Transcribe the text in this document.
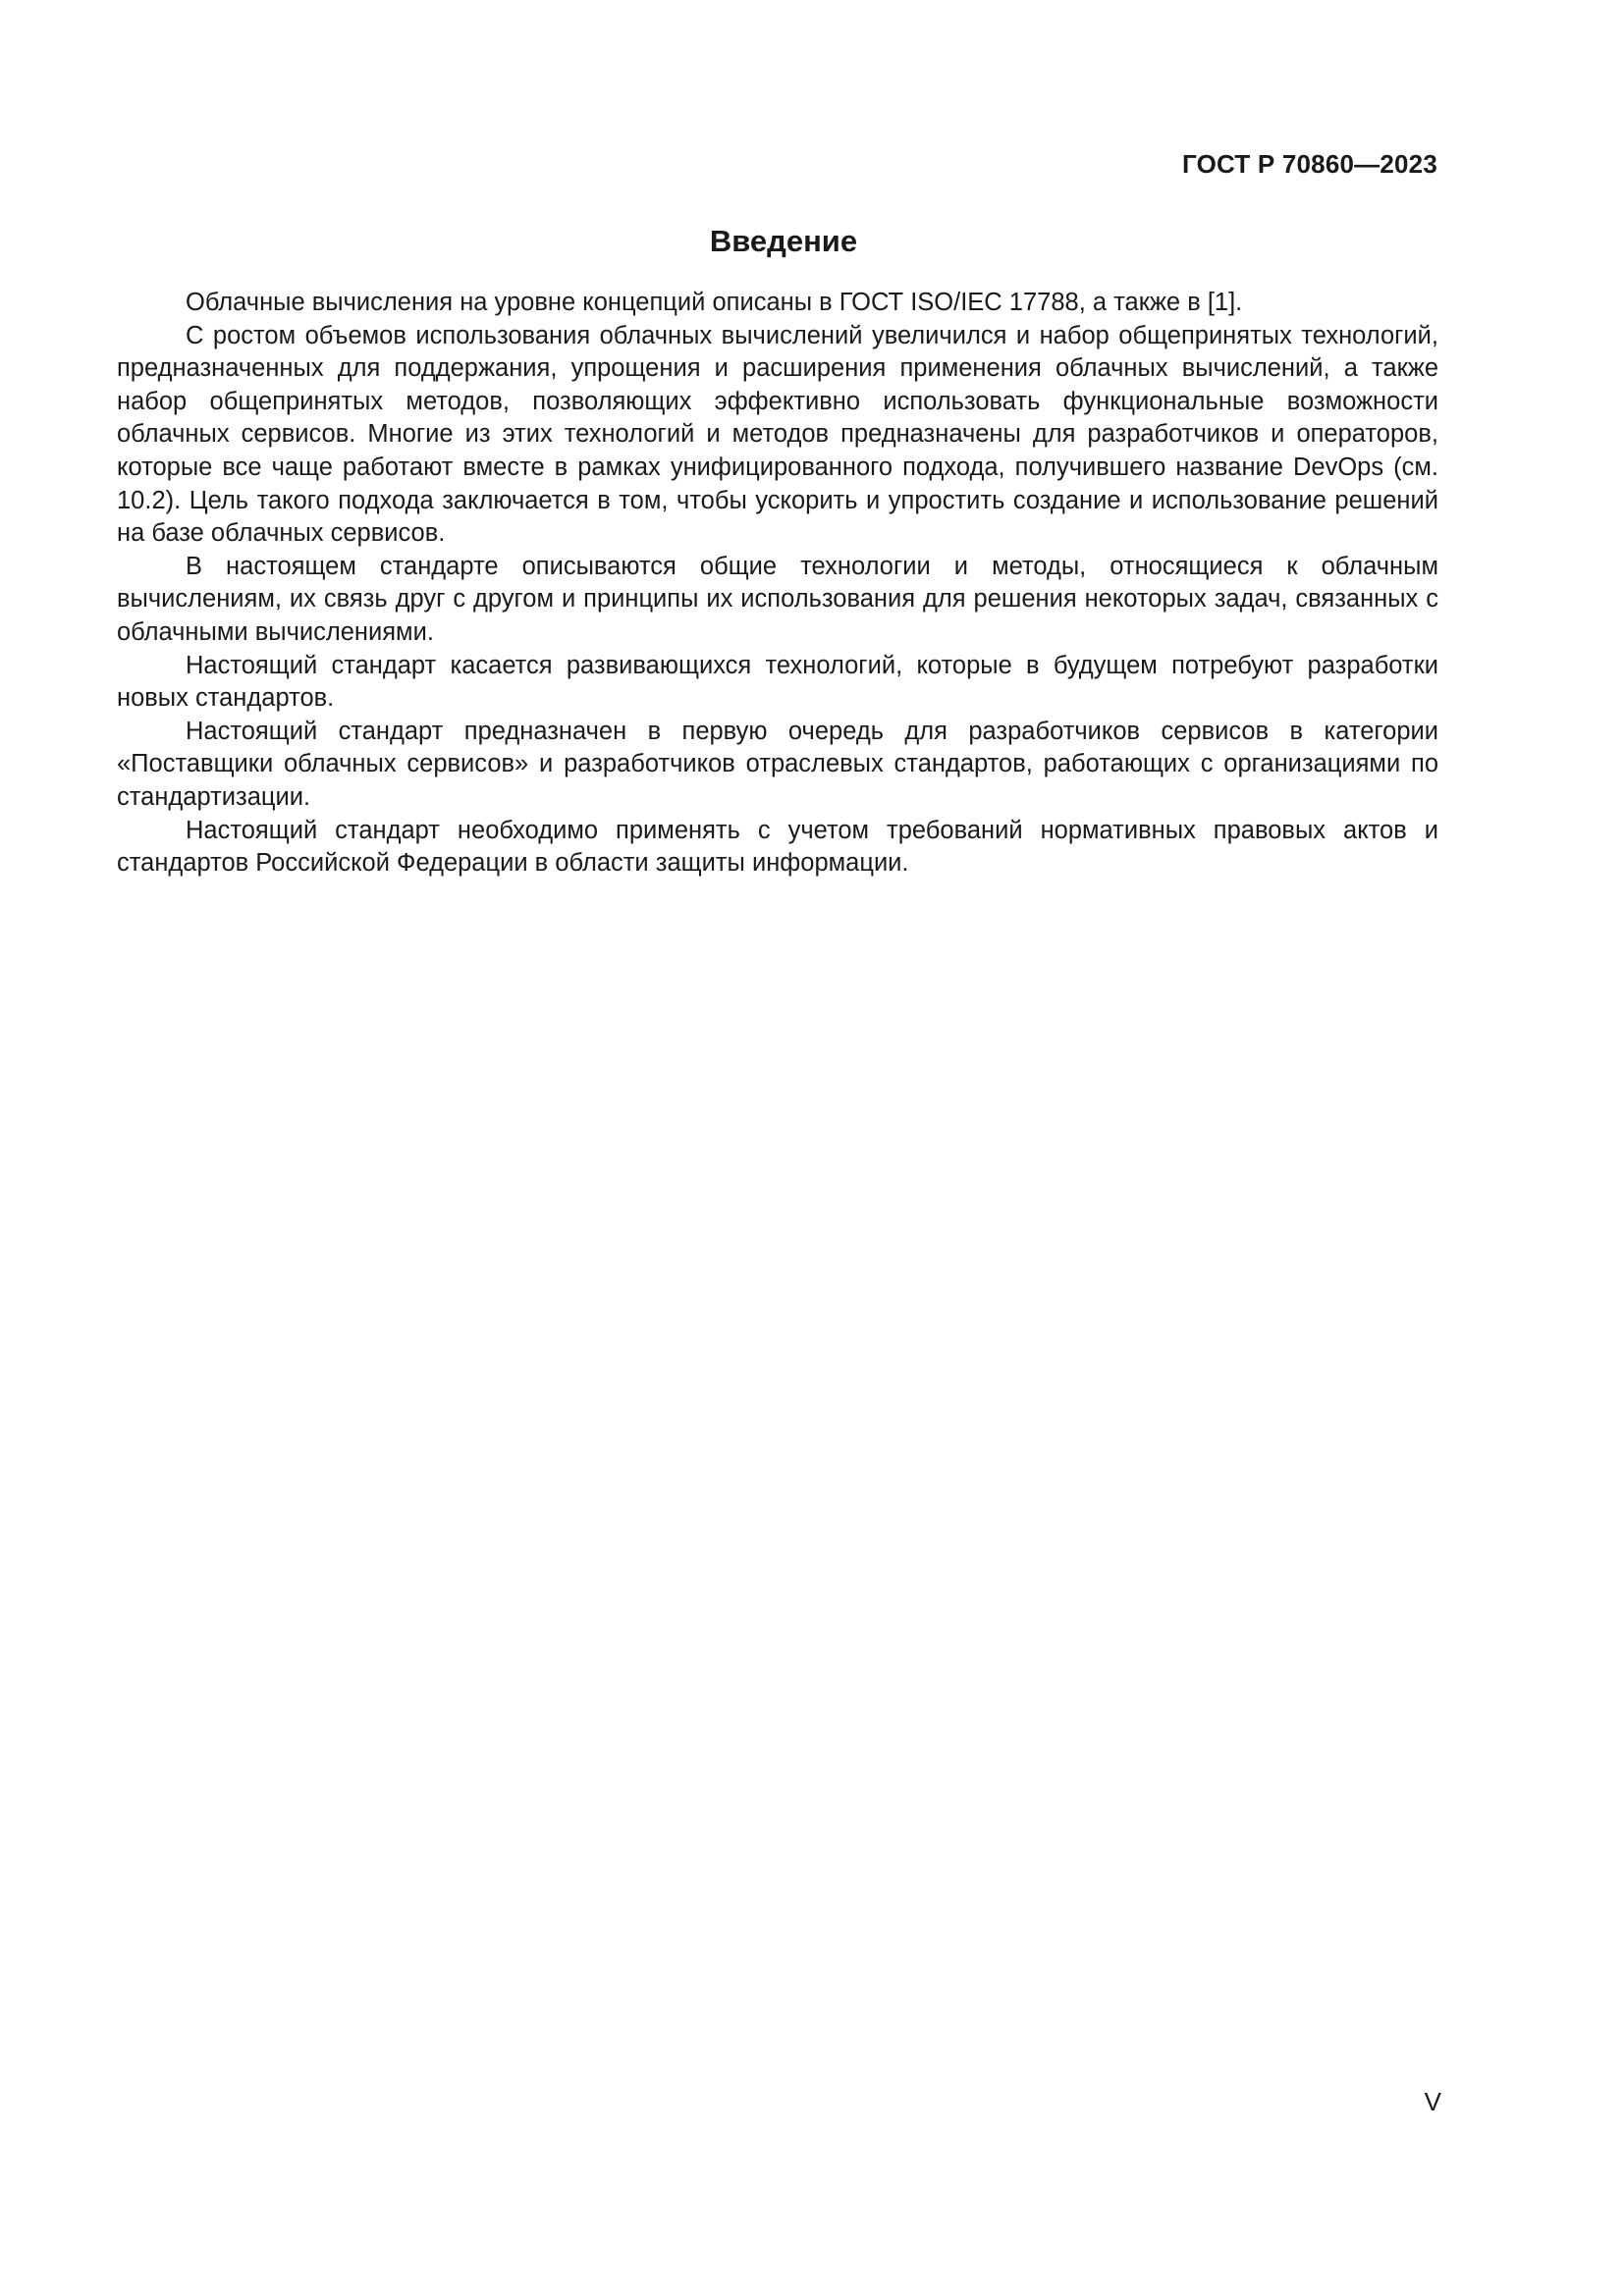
ГОСТ Р 70860—2023
Введение

Облачные вычисления на уровне концепций описаны в ГОСТ ISO/IEC 17788, а также в [1].

С ростом объемов использования облачных вычислений увеличился и набор общепринятых технологий, предназначенных для поддержания, упрощения и расширения применения облачных вычислений, а также набор общепринятых методов, позволяющих эффективно использовать функциональные возможности облачных сервисов. Многие из этих технологий и методов предназначены для разработчиков и операторов, которые все чаще работают вместе в рамках унифицированного подхода, получившего название DevOps (см. 10.2). Цель такого подхода заключается в том, чтобы ускорить и упростить создание и использование решений на базе облачных сервисов.

В настоящем стандарте описываются общие технологии и методы, относящиеся к облачным вычислениям, их связь друг с другом и принципы их использования для решения некоторых задач, связанных с облачными вычислениями.

Настоящий стандарт касается развивающихся технологий, которые в будущем потребуют разработки новых стандартов.

Настоящий стандарт предназначен в первую очередь для разработчиков сервисов в категории «Поставщики облачных сервисов» и разработчиков отраслевых стандартов, работающих с организациями по стандартизации.

Настоящий стандарт необходимо применять с учетом требований нормативных правовых актов и стандартов Российской Федерации в области защиты информации.

V
